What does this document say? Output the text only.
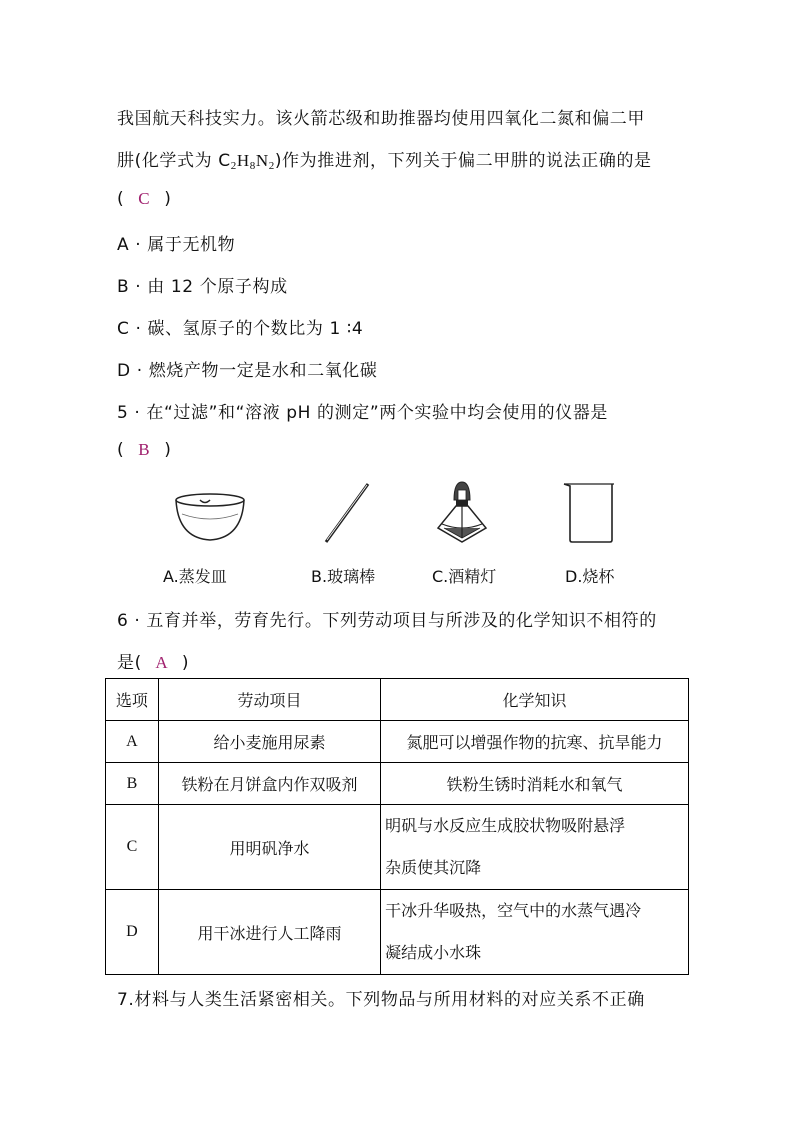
我国航天科技实力。该火箭芯级和助推器均使用四氧化二氮和偏二甲
肼(化学式为 $C_2H_8N_2$)作为推进剂，下列关于偏二甲肼的说法正确的是
( C )
A · 属于无机物
B · 由 12 个原子构成
C · 碳、氢原子的个数比为 1 ∶4
D · 燃烧产物一定是水和二氧化碳
5 · 在“过滤”和“溶液 pH 的测定”两个实验中均会使用的仪器是
( B )
A.蒸发皿	B.玻璃棒	C.酒精灯	D.烧杯
6 · 五育并举，劳育先行。下列劳动项目与所涉及的化学知识不相符的
是( A )
选项	劳动项目	化学知识
A	给小麦施用尿素	氮肥可以增强作物的抗寒、抗旱能力
B	铁粉在月饼盒内作双吸剂	铁粉生锈时消耗水和氧气
C	用明矾净水	明矾与水反应生成胶状物吸附悬浮
杂质使其沉降

D	用干冰进行人工降雨	干冰升华吸热，空气中的水蒸气遇冷
凝结成小水珠
7.材料与人类生活紧密相关。下列物品与所用材料的对应关系不正确
